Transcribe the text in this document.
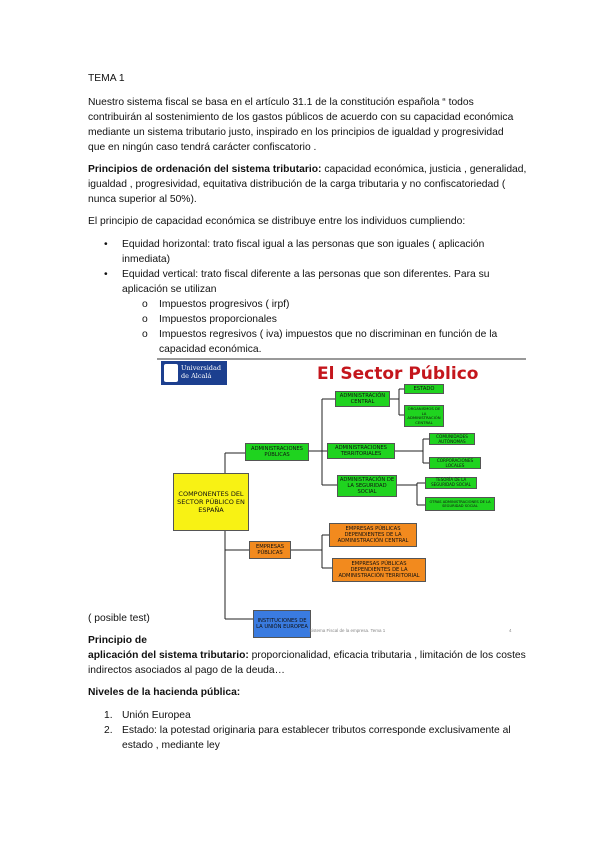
TEMA 1
Nuestro sistema fiscal se basa en el artículo 31.1 de la constitución española “ todos
contribuirán al sostenimiento de los gastos públicos de acuerdo con su capacidad económica
mediante un sistema tributario justo, inspirado en los principios de igualdad y progresividad
que en ningún caso tendrá carácter confiscatorio .
Principios de ordenación del sistema tributario: capacidad económica, justicia , generalidad,
igualdad , progresividad, equitativa distribución de la carga tributaria y no confiscatoriedad (
nunca superior al 50%).
El principio de capacidad económica se distribuye entre los individuos cumpliendo:
• Equidad horizontal: trato fiscal igual a las personas que son iguales ( aplicación
inmediata)
• Equidad vertical: trato fiscal diferente a las personas que son diferentes. Para su
aplicación se utilizan
o Impuestos progresivos ( irpf)
o Impuestos proporcionales
o Impuestos regresivos ( iva) impuestos que no discriminan en función de la
capacidad económica.
Universidad
de Alcalá	El Sector Público
COMPONENTES DEL SECTOR PÚBLICO EN ESPAÑA
ADMINISTRACIONES PÚBLICAS
ADMINISTRACIÓN CENTRAL
ESTADO
ORGANISMOS DE LA ADMINISTRACIÓN CENTRAL
ADMINISTRACIONES TERRITORIALES
COMUNIDADES AUTÓNOMAS
CORPORACIONES LOCALES
ADMINISTRACIÓN DE LA SEGURIDAD SOCIAL
TESORÍA DE LA SEGURIDAD SOCIAL
OTRAS ADMINISTRACIONES DE LA SEGURIDAD SOCIAL
EMPRESAS PÚBLICAS
EMPRESAS PÚBLICAS DEPENDIENTES DE LA ADMINISTRACIÓN CENTRAL
EMPRESAS PÚBLICAS DEPENDIENTES DE LA ADMINISTRACIÓN TERRITORIAL
INSTITUCIONES DE LA UNIÓN EUROPEA
Sistema Fiscal de la empresa. Tema 1	4
( posible test)
Principio de
aplicación del sistema tributario: proporcionalidad, eficacia tributaria , limitación de los costes
indirectos asociados al pago de la deuda…
Niveles de la hacienda pública:
1. Unión Europea
2. Estado: la potestad originaria para establecer tributos corresponde exclusivamente al
estado , mediante ley
